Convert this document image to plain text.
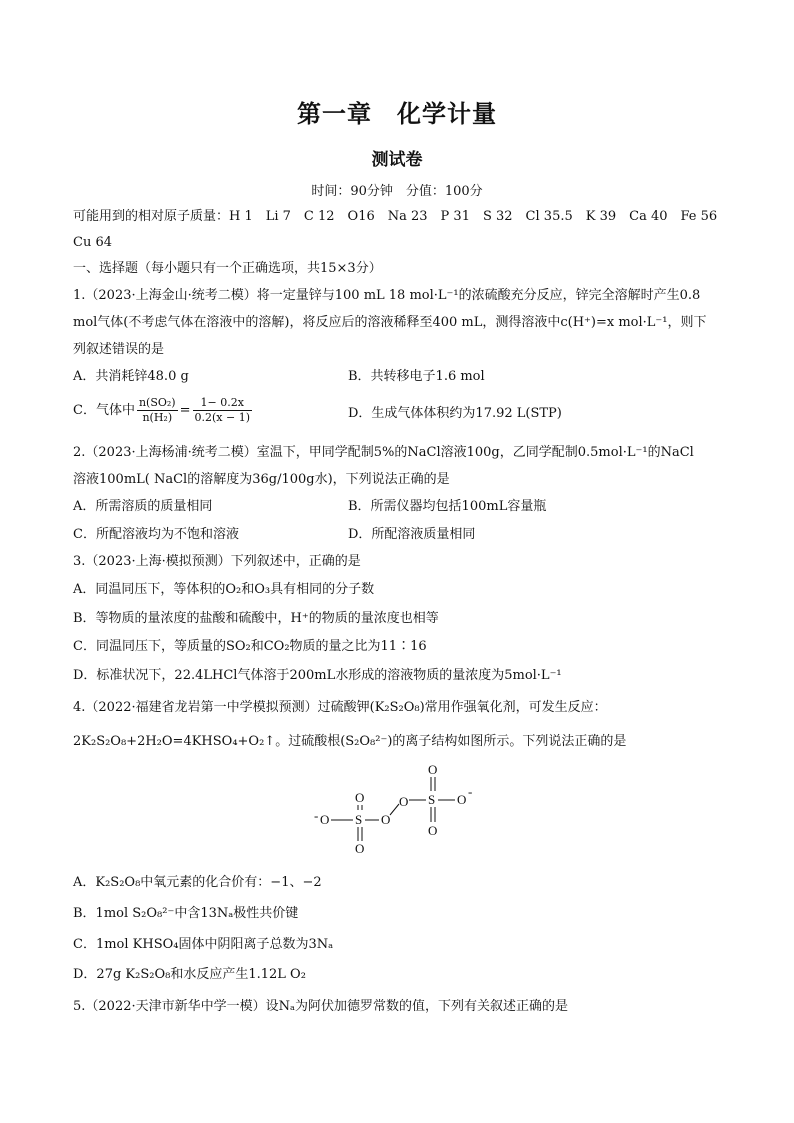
第一章　化学计量
测试卷
时间：90分钟　分值：100分
可能用到的相对原子质量：H 1　Li 7　C 12　O16　Na 23　P 31　S 32　Cl 35.5　K 39　Ca 40　Fe 56
Cu 64
一、选择题（每小题只有一个正确选项，共15×3分）
1.（2023·上海金山·统考二模）将一定量锌与100 mL 18 mol·L⁻¹的浓硫酸充分反应，锌完全溶解时产生0.8
mol气体(不考虑气体在溶液中的溶解)，将反应后的溶液稀释至400 mL，测得溶液中c(H⁺)=x mol·L⁻¹，则下
列叙述错误的是
A．共消耗锌48.0 g	B．共转移电子1.6 mol
C．气体中 $\frac{\text{n(SO₂)}}{\text{n(H₂)}} = \frac{1- 0.2x}{0.2(x - 1)}$	D．生成气体体积约为17.92 L(STP)
2.（2023·上海杨浦·统考二模）室温下，甲同学配制5%的NaCl溶液100g，乙同学配制0.5mol·L⁻¹的NaCl
溶液100mL( NaCl的溶解度为36g/100g水)，下列说法正确的是
A．所需溶质的质量相同	B．所需仪器均包括100mL容量瓶
C．所配溶液均为不饱和溶液	D．所配溶液质量相同
3.（2023·上海·模拟预测）下列叙述中，正确的是
A．同温同压下，等体积的O₂和O₃具有相同的分子数
B．等物质的量浓度的盐酸和硫酸中，H⁺的物质的量浓度也相等
C．同温同压下，等质量的SO₂和CO₂物质的量之比为11∶16
D．标准状况下，22.4LHCl气体溶于200mL水形成的溶液物质的量浓度为5mol·L⁻¹
4.（2022·福建省龙岩第一中学模拟预测）过硫酸钾(K₂S₂O₈)常用作强氧化剂，可发生反应：
2K₂S₂O₈+2H₂O=4KHSO₄+O₂↑。过硫酸根(S₂O₈²⁻)的离子结构如图所示。下列说法正确的是
- O
O
S
O
O
O
O
S
O
O
-
A．K₂S₂O₈中氧元素的化合价有：−1、−2
B．1mol S₂O₈²⁻中含13Nₐ极性共价键
C．1mol KHSO₄固体中阴阳离子总数为3Nₐ
D．27g K₂S₂O₈和水反应产生1.12L O₂
5.（2022·天津市新华中学一模）设Nₐ为阿伏加德罗常数的值，下列有关叙述正确的是
